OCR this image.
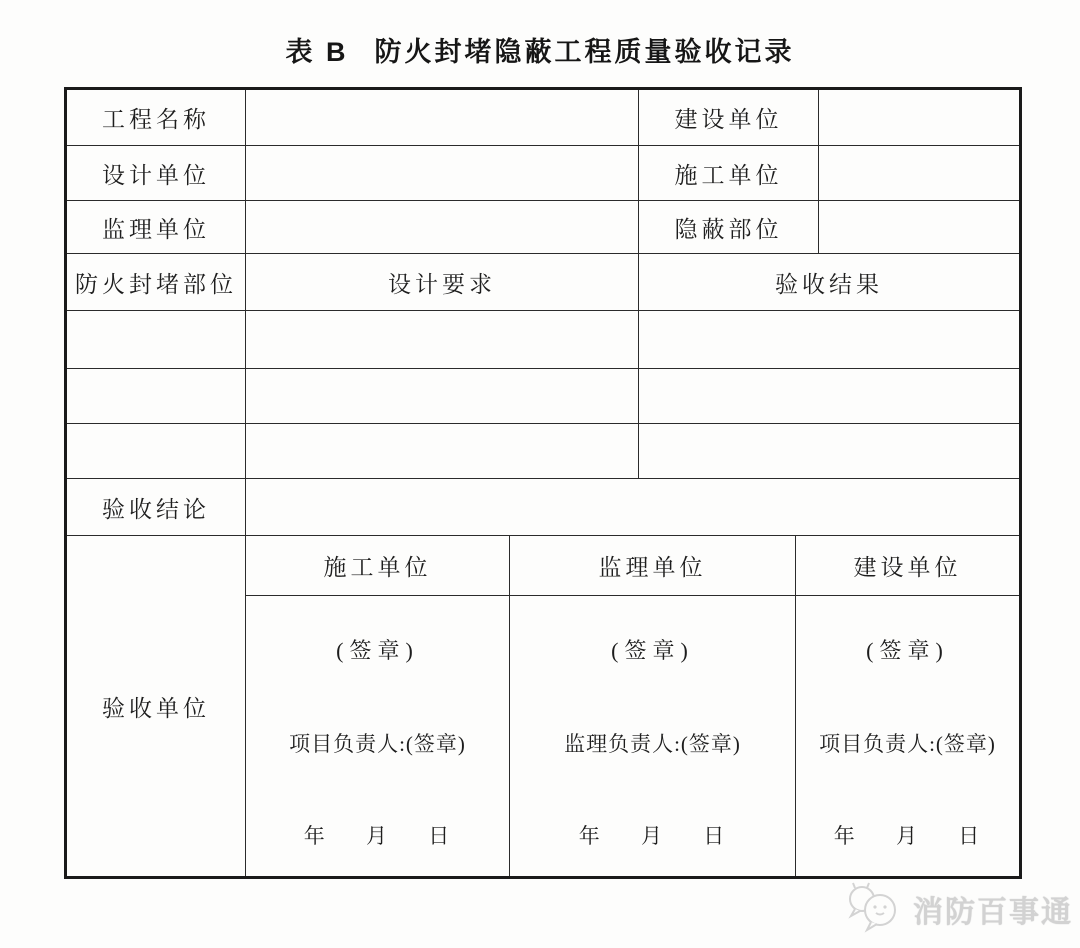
表 B 防火封堵隐蔽工程质量验收记录
工程名称			建设单位		
设计单位			施工单位		
监理单位			隐蔽部位		
防火封堵部位	设计要求		验收结果		

验收结论					
验收单位	施工单位	监理单位		建设单位	

(签章)
项目负责人:(签章)
年 月 日

(签章)
监理负责人:(签章)
年 月 日

(签章)
项目负责人:(签章)
年 月 日
消防百事通
